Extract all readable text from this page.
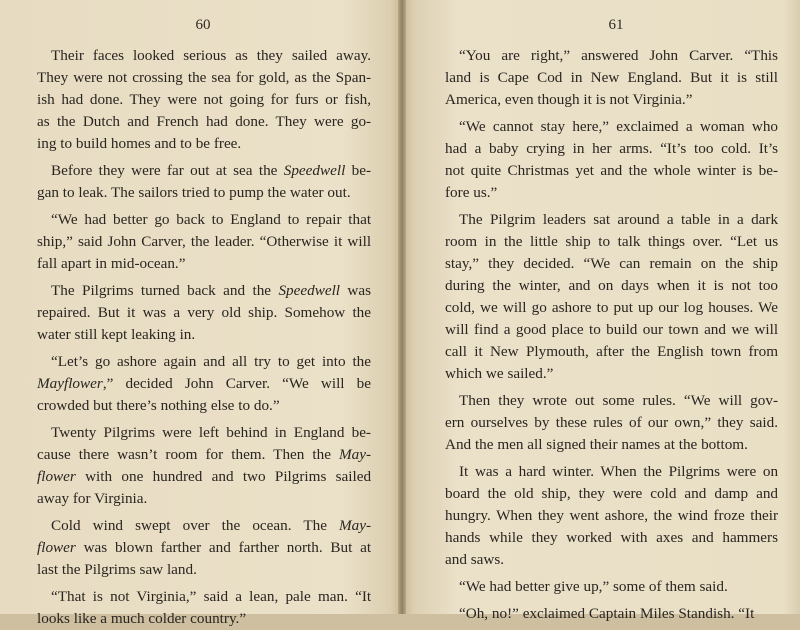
60
Their faces looked serious as they sailed away.
They were not crossing the sea for gold, as the Span-
ish had done. They were not going for furs or fish,
as the Dutch and French had done. They were go-
ing to build homes and to be free.
Before they were far out at sea the Speedwell be-
gan to leak. The sailors tried to pump the water out.
“We had better go back to England to repair that
ship,” said John Carver, the leader. “Otherwise it will
fall apart in mid-ocean.”
The Pilgrims turned back and the Speedwell was
repaired. But it was a very old ship. Somehow the
water still kept leaking in.
“Let’s go ashore again and all try to get into the
Mayflower,” decided John Carver. “We will be
crowded but there’s nothing else to do.”
Twenty Pilgrims were left behind in England be-
cause there wasn’t room for them. Then the May-
flower with one hundred and two Pilgrims sailed
away for Virginia.
Cold wind swept over the ocean. The May-
flower was blown farther and farther north. But at
last the Pilgrims saw land.
“That is not Virginia,” said a lean, pale man. “It
looks like a much colder country.”
61
“You are right,” answered John Carver. “This
land is Cape Cod in New England. But it is still
America, even though it is not Virginia.”
“We cannot stay here,” exclaimed a woman who
had a baby crying in her arms. “It’s too cold. It’s
not quite Christmas yet and the whole winter is be-
fore us.”
The Pilgrim leaders sat around a table in a dark
room in the little ship to talk things over. “Let us
stay,” they decided. “We can remain on the ship
during the winter, and on days when it is not too
cold, we will go ashore to put up our log houses. We
will find a good place to build our town and we will
call it New Plymouth, after the English town from
which we sailed.”
Then they wrote out some rules. “We will gov-
ern ourselves by these rules of our own,” they said.
And the men all signed their names at the bottom.
It was a hard winter. When the Pilgrims were on
board the old ship, they were cold and damp and
hungry. When they went ashore, the wind froze their
hands while they worked with axes and hammers
and saws.
“We had better give up,” some of them said.
“Oh, no!” exclaimed Captain Miles Standish. “It
